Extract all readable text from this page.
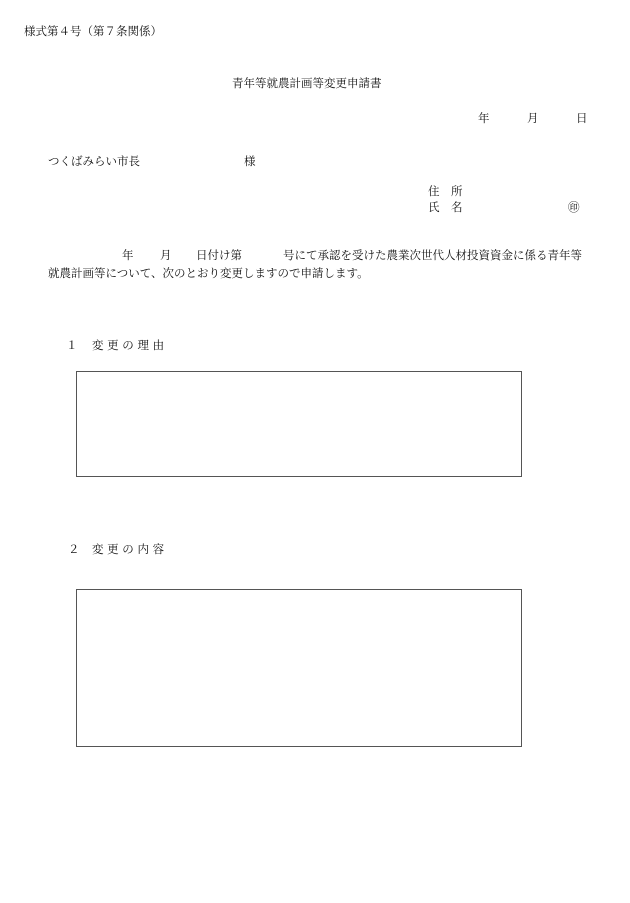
様式第４号（第７条関係）
青年等就農計画等変更申請書
年	月	日
つくばみらい市長	様
住　所
氏　名	㊞
年 月 日付け第	号にて承認を受けた農業次世代人材投資資金に係る青年等
就農計画等について、次のとおり変更しますので申請します。
１ 変 更 の 理 由
２ 変 更 の 内 容
